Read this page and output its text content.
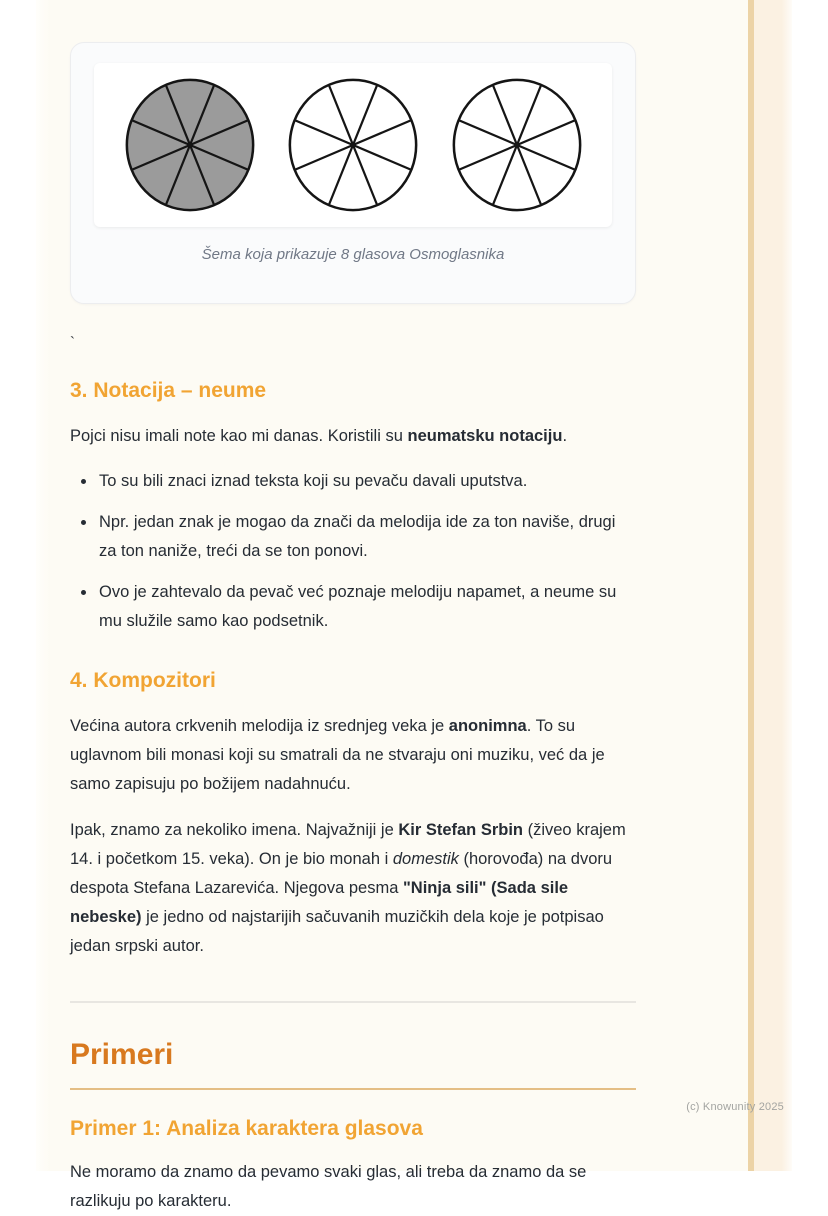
Šema koja prikazuje 8 glasova Osmoglasnika

`

3. Notacija – neume

Pojci nisu imali note kao mi danas. Koristili su neumatsku notaciju.

• To su bili znaci iznad teksta koji su pevaču davali uputstva.
• Npr. jedan znak je mogao da znači da melodija ide za ton naviše, drugi za ton naniže, treći da se ton ponovi.
• Ovo je zahtevalo da pevač već poznaje melodiju napamet, a neume su mu služile samo kao podsetnik.
4. Kompozitori

Većina autora crkvenih melodija iz srednjeg veka je anonimna. To su uglavnom bili monasi koji su smatrali da ne stvaraju oni muziku, već da je samo zapisuju po božijem nadahnuću.

Ipak, znamo za nekoliko imena. Najvažniji je Kir Stefan Srbin (živeo krajem 14. i početkom 15. veka). On je bio monah i domestik (horovođa) na dvoru despota Stefana Lazarevića. Njegova pesma "Ninja sili" (Sada sile nebeske) je jedno od najstarijih sačuvanih muzičkih dela koje je potpisao jedan srpski autor.

Primeri
Primer 1: Analiza karaktera glasova

Ne moramo da znamo da pevamo svaki glas, ali treba da znamo da se razlikuju po karakteru.

(c) Knowunity 2025
